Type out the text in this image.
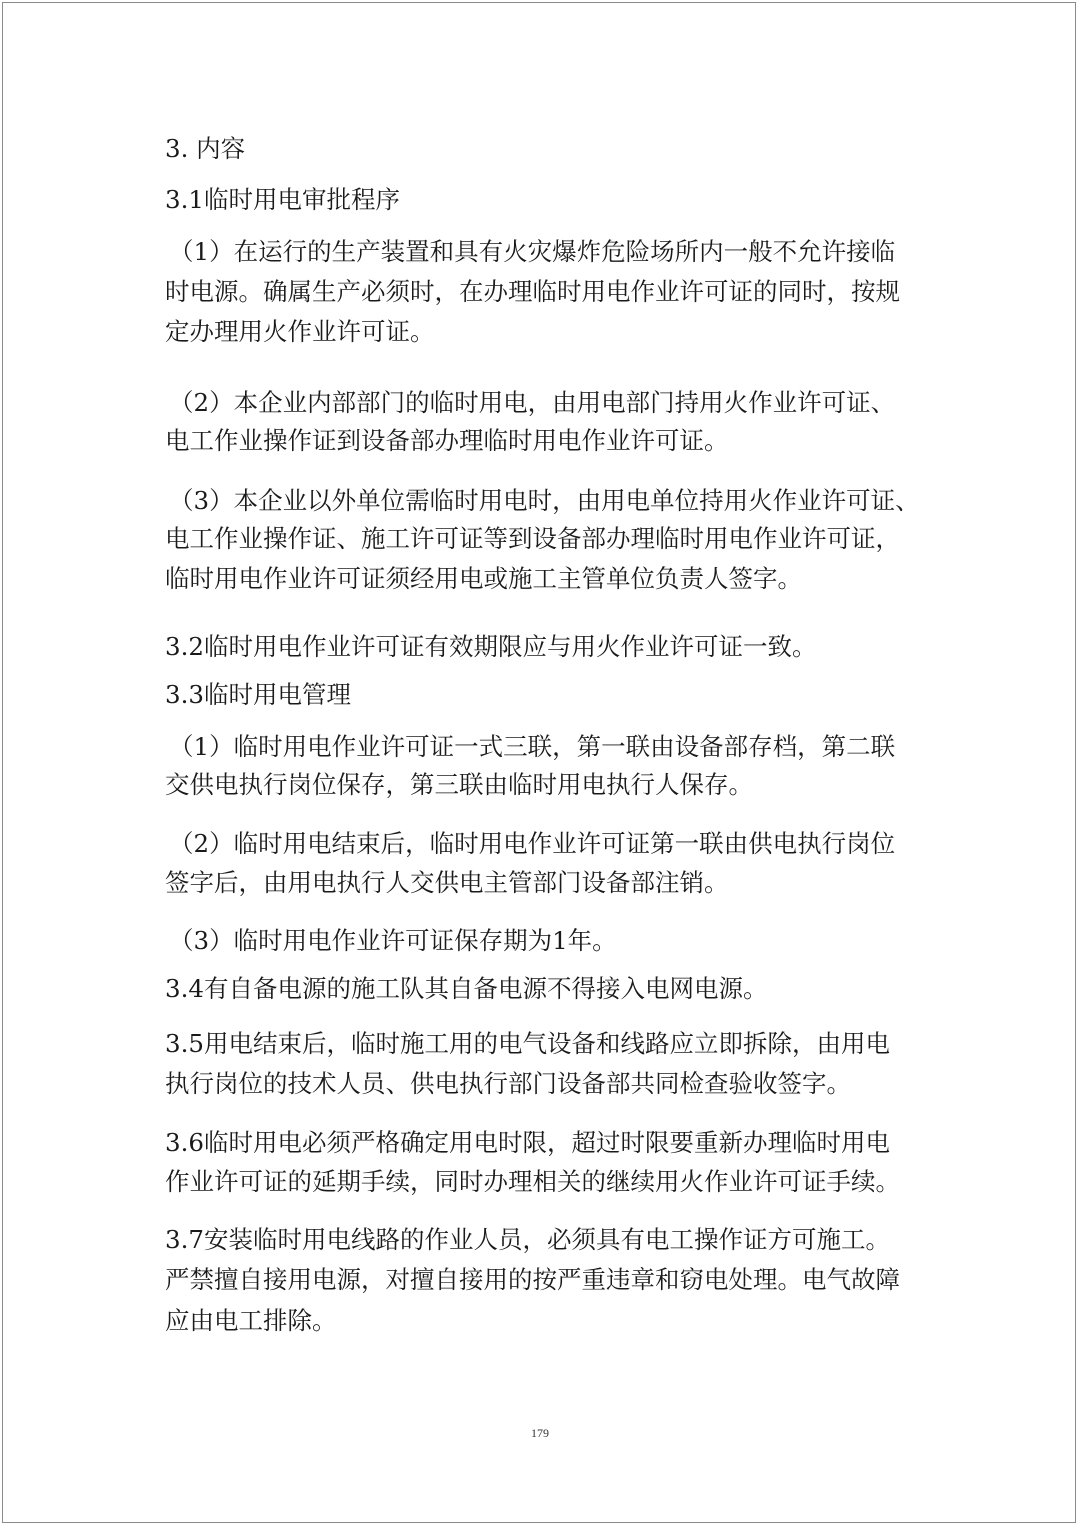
3. 内容
3.1临时用电审批程序
（1）在运行的生产装置和具有火灾爆炸危险场所内一般不允许接临
时电源。确属生产必须时，在办理临时用电作业许可证的同时，按规
定办理用火作业许可证。
（2）本企业内部部门的临时用电，由用电部门持用火作业许可证、
电工作业操作证到设备部办理临时用电作业许可证。
（3）本企业以外单位需临时用电时，由用电单位持用火作业许可证、
电工作业操作证、施工许可证等到设备部办理临时用电作业许可证，
临时用电作业许可证须经用电或施工主管单位负责人签字。
3.2临时用电作业许可证有效期限应与用火作业许可证一致。
3.3临时用电管理
（1）临时用电作业许可证一式三联，第一联由设备部存档，第二联
交供电执行岗位保存，第三联由临时用电执行人保存。
（2）临时用电结束后，临时用电作业许可证第一联由供电执行岗位
签字后，由用电执行人交供电主管部门设备部注销。
（3）临时用电作业许可证保存期为1年。
3.4有自备电源的施工队其自备电源不得接入电网电源。
3.5用电结束后，临时施工用的电气设备和线路应立即拆除，由用电
执行岗位的技术人员、供电执行部门设备部共同检查验收签字。
3.6临时用电必须严格确定用电时限，超过时限要重新办理临时用电
作业许可证的延期手续，同时办理相关的继续用火作业许可证手续。
3.7安装临时用电线路的作业人员，必须具有电工操作证方可施工。
严禁擅自接用电源，对擅自接用的按严重违章和窃电处理。电气故障
应由电工排除。
179
